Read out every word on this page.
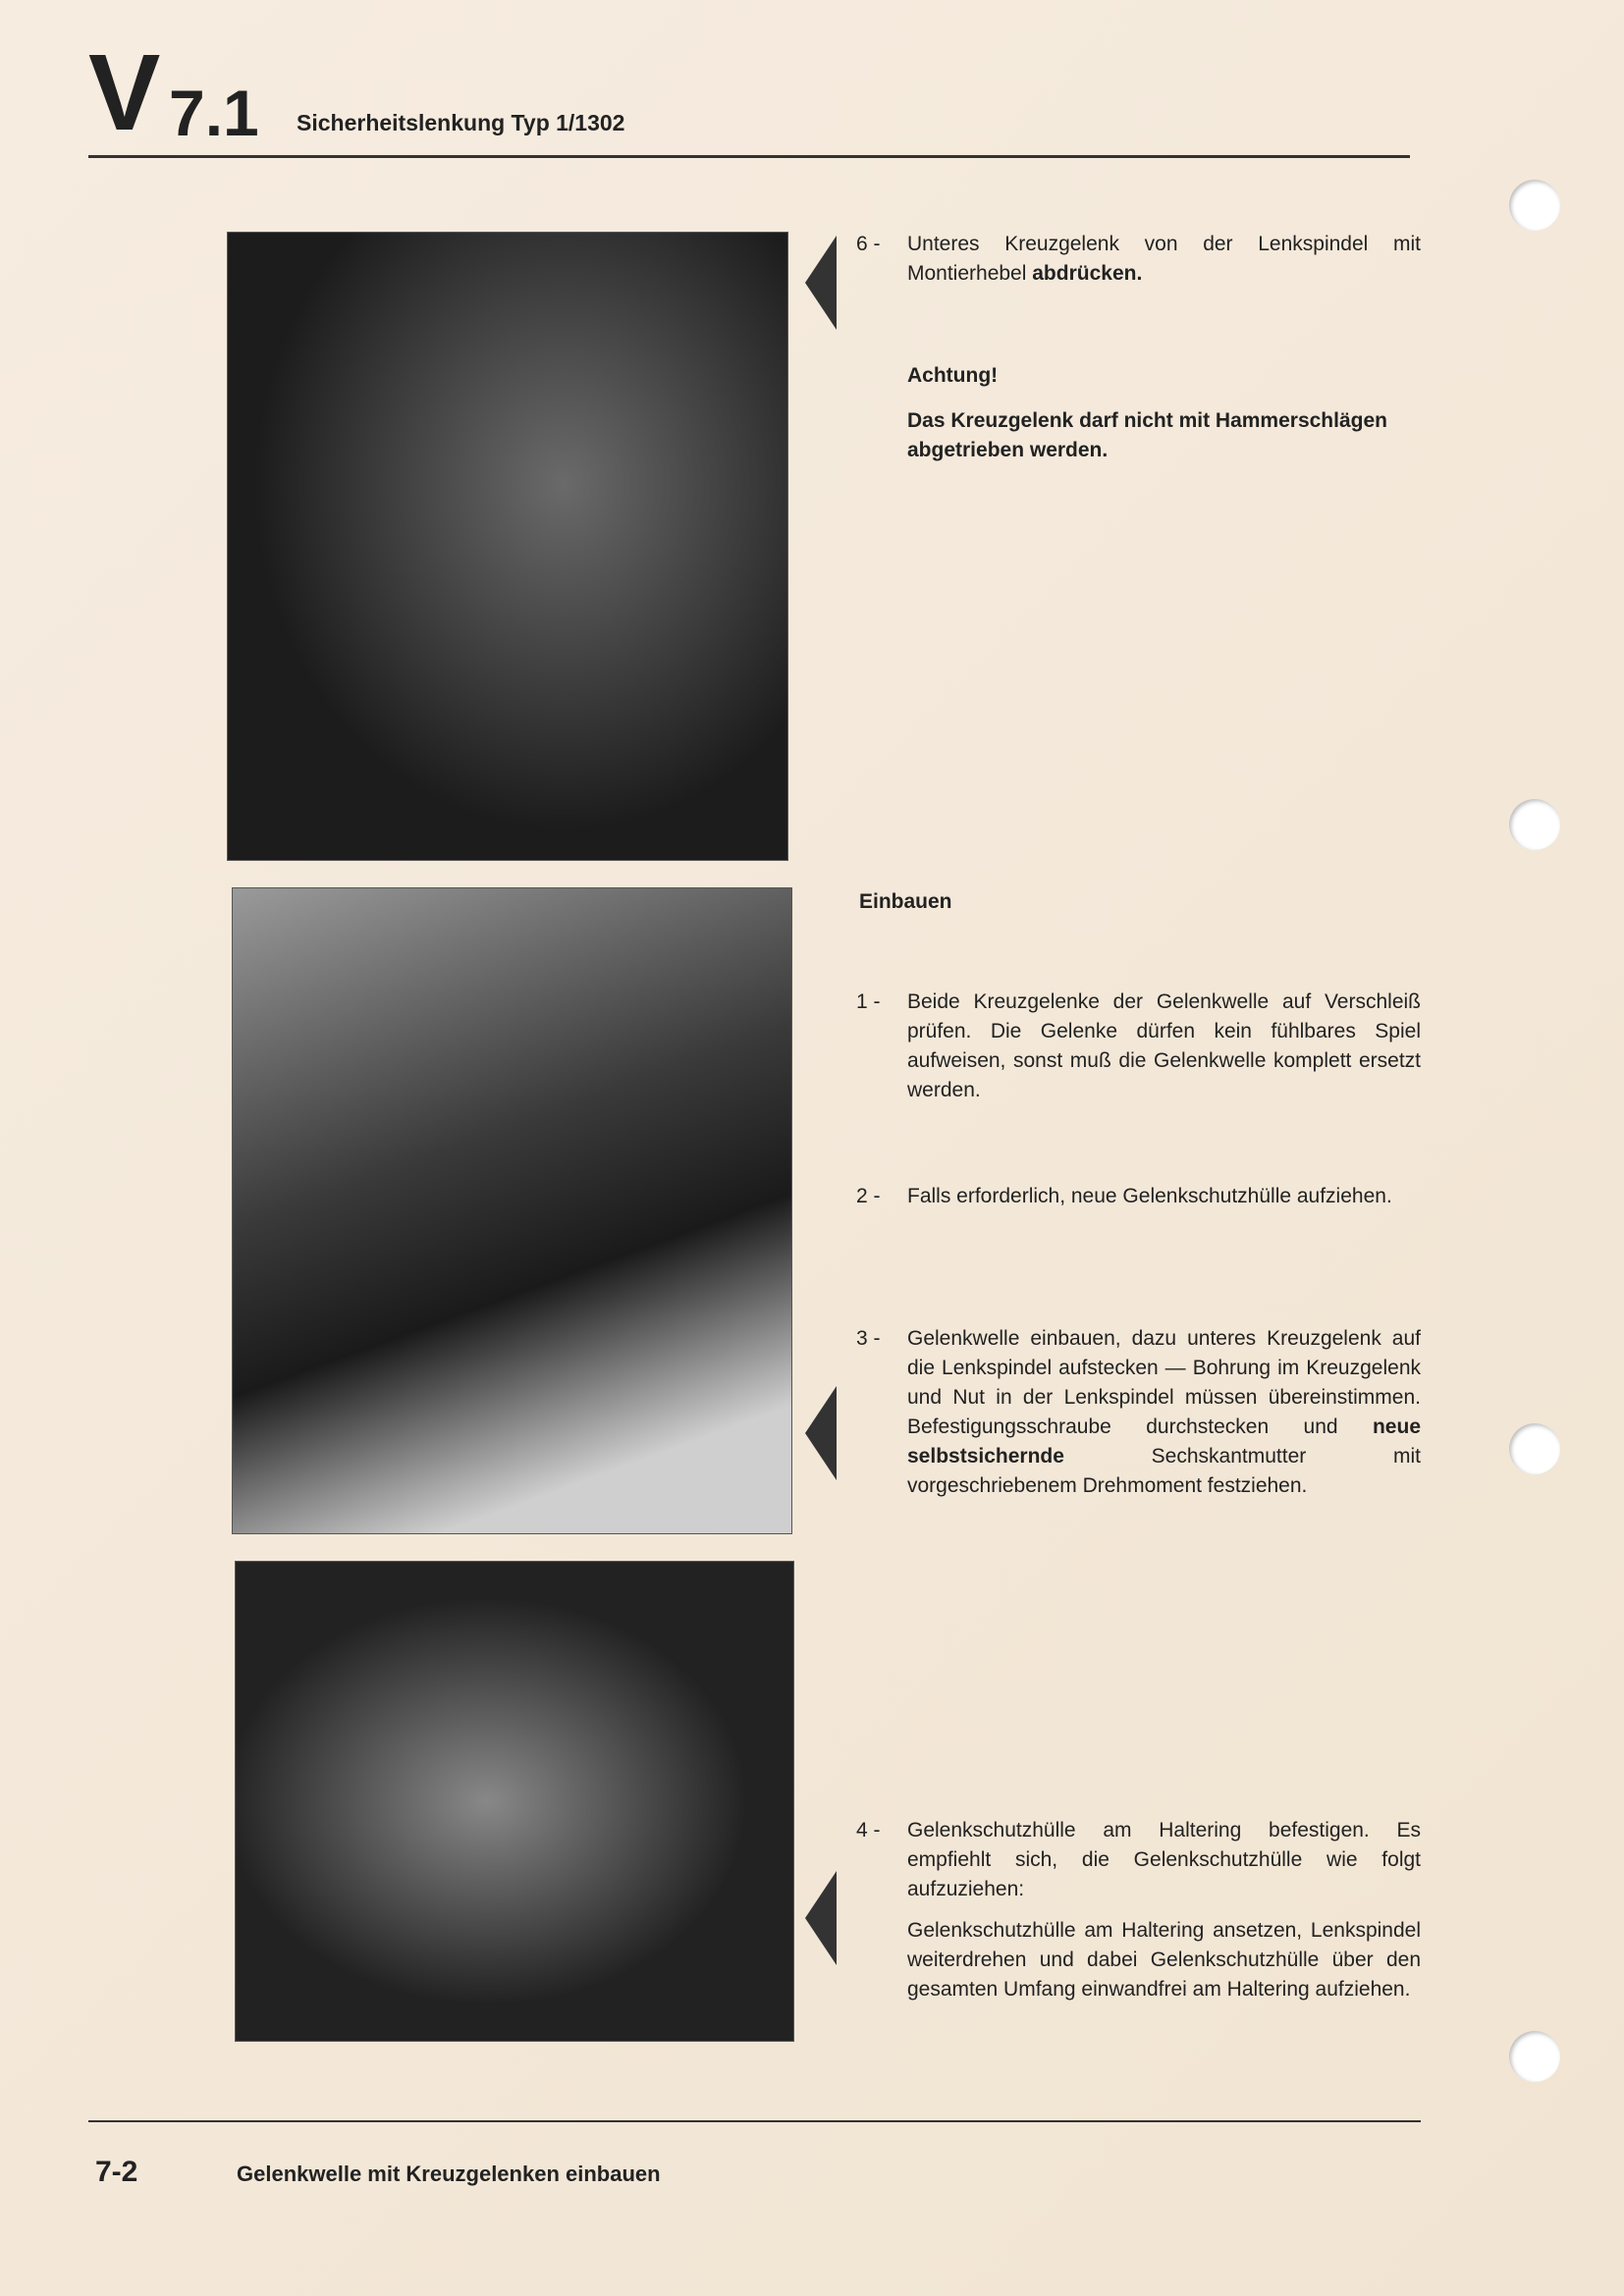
V 7.1 Sicherheitslenkung Typ 1/1302
6 -	Unteres Kreuzgelenk von der Lenkspindel mit Montierhebel abdrücken.
Achtung!
Das Kreuzgelenk darf nicht mit Hammerschlägen abgetrieben werden.
Einbauen
1 -	Beide Kreuzgelenke der Gelenkwelle auf Verschleiß prüfen. Die Gelenke dürfen kein fühlbares Spiel aufweisen, sonst muß die Gelenkwelle komplett ersetzt werden.
2 -	Falls erforderlich, neue Gelenkschutzhülle aufziehen.
3 -	Gelenkwelle einbauen, dazu unteres Kreuzgelenk auf die Lenkspindel aufstecken — Bohrung im Kreuzgelenk und Nut in der Lenkspindel müssen übereinstimmen. Befestigungsschraube durchstecken und neue selbstsichernde Sechskantmutter mit vorgeschriebenem Drehmoment festziehen.
4 -	Gelenkschutzhülle am Haltering befestigen. Es empfiehlt sich, die Gelenkschutzhülle wie folgt aufzuziehen:
Gelenkschutzhülle am Haltering ansetzen, Lenkspindel weiterdrehen und dabei Gelenkschutzhülle über den gesamten Umfang einwandfrei am Haltering aufziehen.
7-2	Gelenkwelle mit Kreuzgelenken einbauen
